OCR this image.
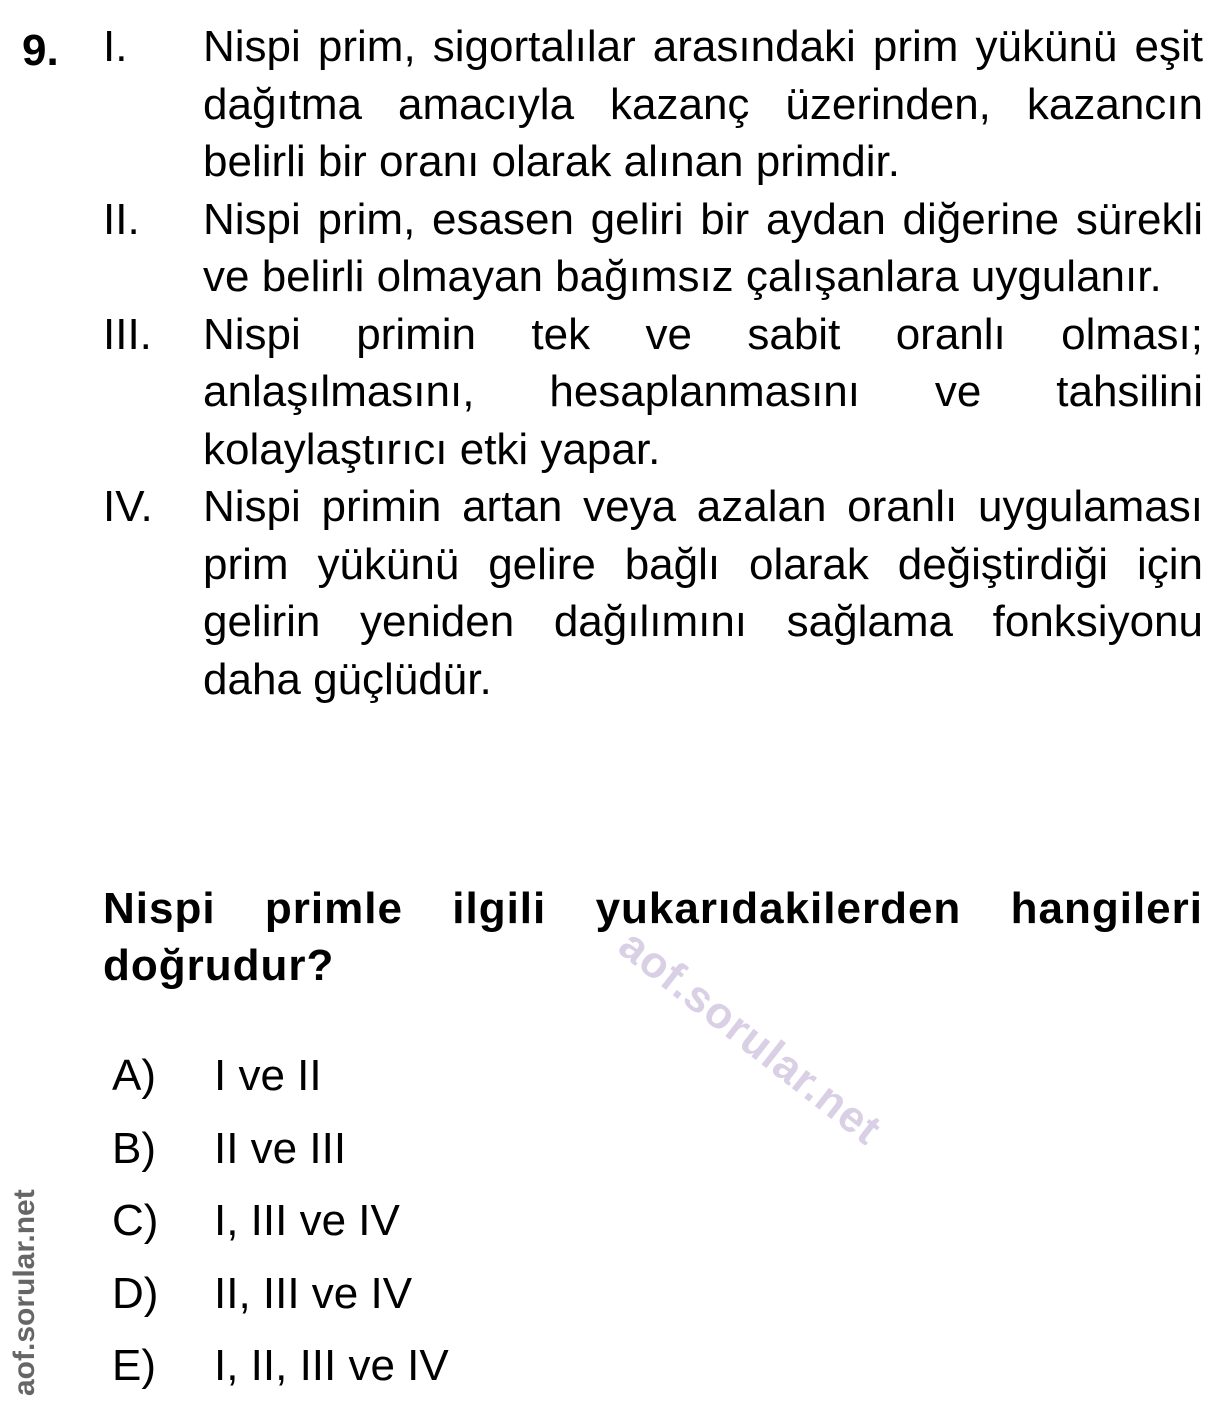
9. I.	Nispi prim, sigortalılar arasındaki prim yükünü eşit dağıtma amacıyla kazanç üzerinden, kazancın belirli bir oranı olarak alınan primdir.
II.	Nispi prim, esasen geliri bir aydan diğerine sürekli ve belirli olmayan bağımsız çalışanlara uygulanır.
III.	Nispi primin tek ve sabit oranlı olması; anlaşılmasını, hesaplanmasını ve tahsilini kolaylaştırıcı etki yapar.
IV.	Nispi primin artan veya azalan oranlı uygulaması prim yükünü gelire bağlı olarak değiştirdiği için gelirin yeniden dağılımını sağlama fonksiyonu daha güçlüdür.
Nispi primle ilgili yukarıdakilerden hangileri doğrudur?
A)	I ve II
B)	II ve III
C)	I, III ve IV
D)	II, III ve IV
E)	I, II, III ve IV
aof.sorular.net
aof.sorular.net
